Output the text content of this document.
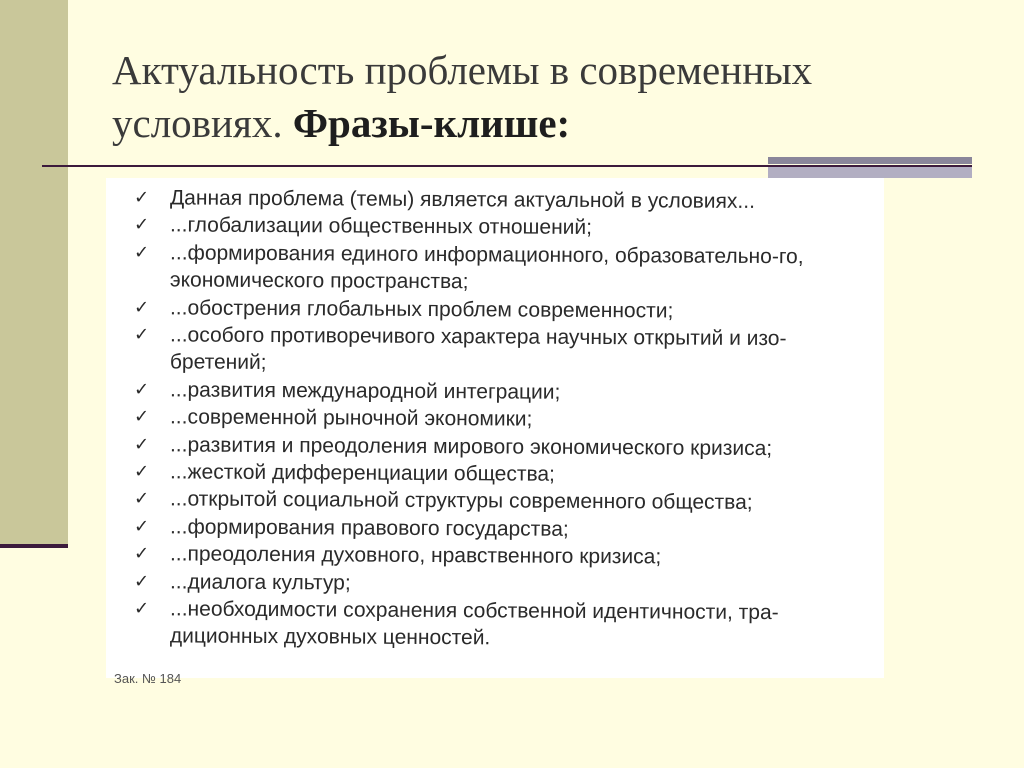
Актуальность проблемы в современных условиях. Фразы-клише:
✓ Данная проблема (темы) является актуальной в условиях...
✓ ...глобализации общественных отношений;
✓ ...формирования единого информационного, образовательно-го, экономического пространства;
✓ ...обострения глобальных проблем современности;
✓ ...особого противоречивого характера научных открытий и изо-бретений;
✓ ...развития международной интеграции;
✓ ...современной рыночной экономики;
✓ ...развития и преодоления мирового экономического кризиса;
✓ ...жесткой дифференциации общества;
✓ ...открытой социальной структуры современного общества;
✓ ...формирования правового государства;
✓ ...преодоления духовного, нравственного кризиса;
✓ ...диалога культур;
✓ ...необходимости сохранения собственной идентичности, тра-диционных духовных ценностей.
Зак. № 184
